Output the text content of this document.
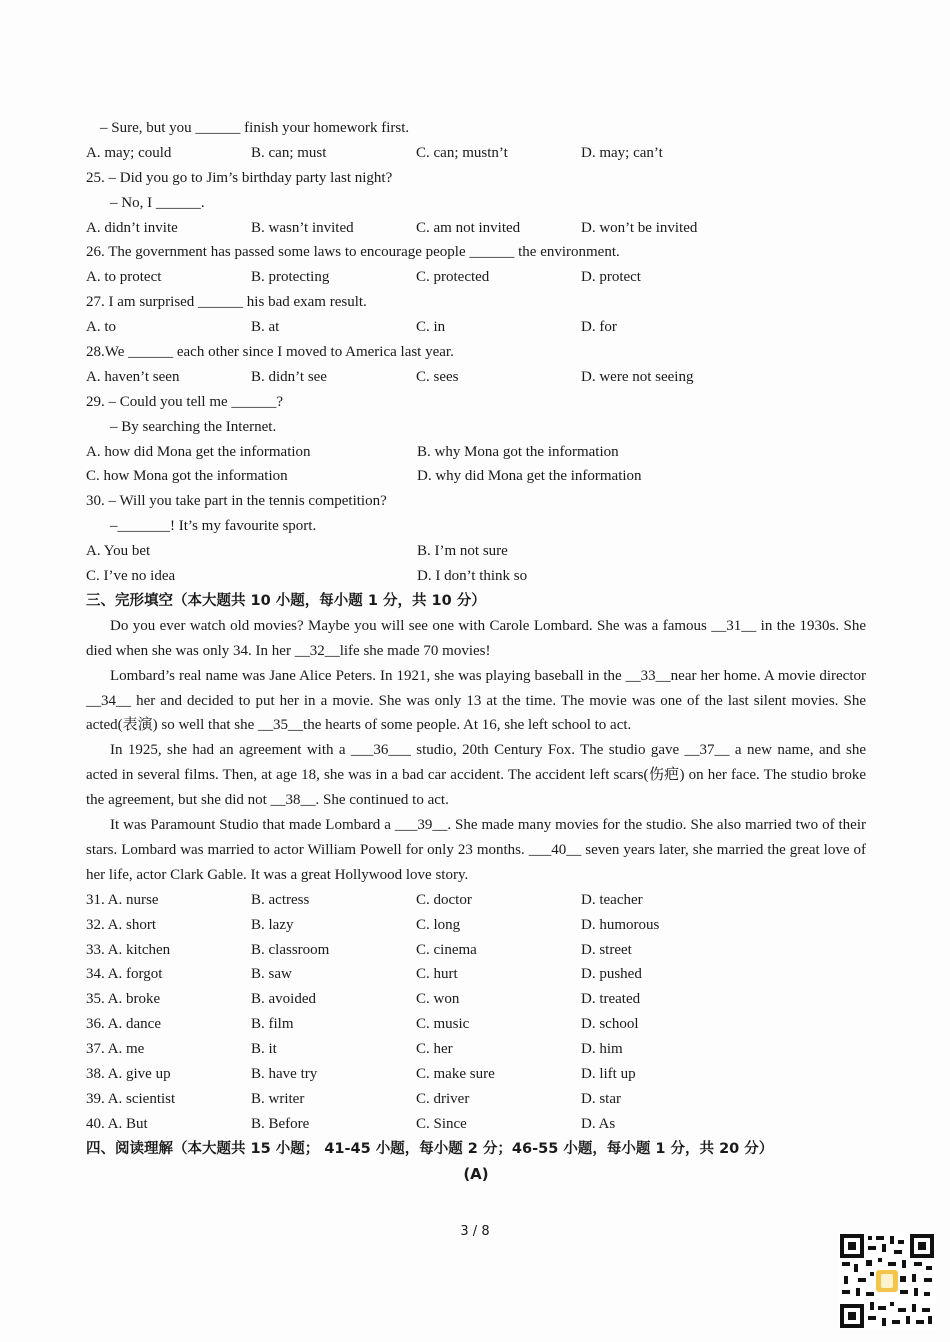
– Sure, but you ______ finish your homework first.
A. may; could	B. can; must	C. can; mustn’t	D. may; can’t
25. – Did you go to Jim’s birthday party last night?
– No, I ______.
A. didn’t invite	B. wasn’t invited	C. am not invited	D. won’t be invited
26. The government has passed some laws to encourage people ______ the environment.
A. to protect	B. protecting	C. protected	D. protect
27. I am surprised ______ his bad exam result.
A. to	B. at	C. in	D. for
28.We ______ each other since I moved to America last year.
A. haven’t seen	B. didn’t see	C. sees	D. were not seeing
29. – Could you tell me ______?
– By searching the Internet.
A. how did Mona get the information	B. why Mona got the information
C. how Mona got the information	D. why did Mona get the information
30. – Will you take part in the tennis competition?
–_______! It’s my favourite sport.
A. You bet	B. I’m not sure
C. I’ve no idea	D. I don’t think so
三、完形填空（本大题共 10 小题，每小题 1 分，共 10 分）

Do you ever watch old movies? Maybe you will see one with Carole Lombard. She was a famous __31__ in the 1930s. She died when she was only 34. In her __32__life she made 70 movies!

Lombard’s real name was Jane Alice Peters. In 1921, she was playing baseball in the __33__near her home. A movie director __34__ her and decided to put her in a movie. She was only 13 at the time. The movie was one of the last silent movies. She acted(表演) so well that she __35__the hearts of some people. At 16, she left school to act.

In 1925, she had an agreement with a ___36___ studio, 20th Century Fox. The studio gave __37__ a new name, and she acted in several films. Then, at age 18, she was in a bad car accident. The accident left scars(伤疤) on her face. The studio broke the agreement, but she did not __38__. She continued to act.

It was Paramount Studio that made Lombard a ___39__. She made many movies for the studio. She also married two of their stars. Lombard was married to actor William Powell for only 23 months. ___40__ seven years later, she married the great love of her life, actor Clark Gable. It was a great Hollywood love story.

31. A. nurse	B. actress	C. doctor	D. teacher
32. A. short	B. lazy	C. long	D. humorous
33. A. kitchen	B. classroom	C. cinema	D. street
34. A. forgot	B. saw	C. hurt	D. pushed
35. A. broke	B. avoided	C. won	D. treated
36. A. dance	B. film	C. music	D. school
37. A. me	B. it	C. her	D. him
38. A. give up	B. have try	C. make sure	D. lift up
39. A. scientist	B. writer	C. driver	D. star
40. A. But	B. Before	C. Since	D. As
四、阅读理解（本大题共 15 小题； 41-45 小题，每小题 2 分；46-55 小题，每小题 1 分，共 20 分）
(A)
3 / 8
